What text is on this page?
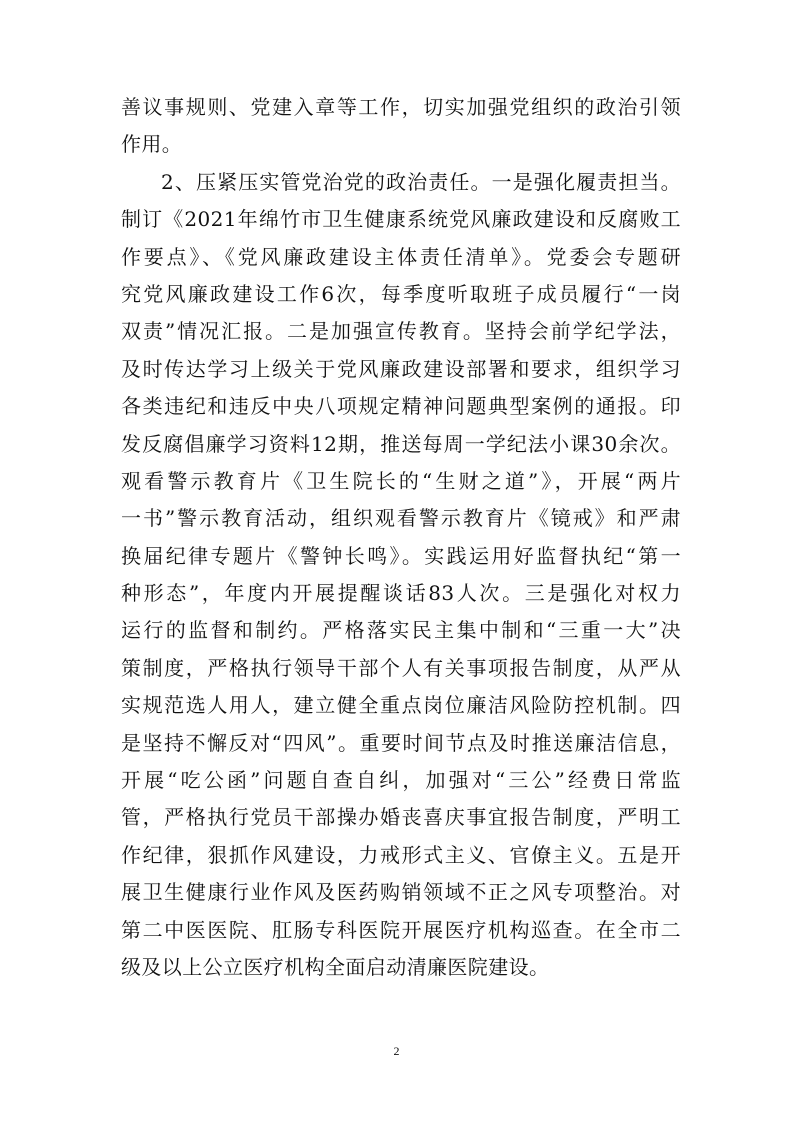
善议事规则、党建入章等工作，切实加强党组织的政治引领
作用。
2、压紧压实管党治党的政治责任。一是强化履责担当。
制订《2021年绵竹市卫生健康系统党风廉政建设和反腐败工
作要点》、《党风廉政建设主体责任清单》。党委会专题研
究党风廉政建设工作6次，每季度听取班子成员履行“一岗
双责”情况汇报。二是加强宣传教育。坚持会前学纪学法，
及时传达学习上级关于党风廉政建设部署和要求，组织学习
各类违纪和违反中央八项规定精神问题典型案例的通报。印
发反腐倡廉学习资料12期，推送每周一学纪法小课30余次。
观看警示教育片《卫生院长的“生财之道”》，开展“两片
一书”警示教育活动，组织观看警示教育片《镜戒》和严肃
换届纪律专题片《警钟长鸣》。实践运用好监督执纪“第一
种形态”，年度内开展提醒谈话83人次。三是强化对权力
运行的监督和制约。严格落实民主集中制和“三重一大”决
策制度，严格执行领导干部个人有关事项报告制度，从严从
实规范选人用人，建立健全重点岗位廉洁风险防控机制。四
是坚持不懈反对“四风”。重要时间节点及时推送廉洁信息，
开展“吃公函”问题自查自纠，加强对“三公”经费日常监
管，严格执行党员干部操办婚丧喜庆事宜报告制度，严明工
作纪律，狠抓作风建设，力戒形式主义、官僚主义。五是开
展卫生健康行业作风及医药购销领域不正之风专项整治。对
第二中医医院、肛肠专科医院开展医疗机构巡查。在全市二
级及以上公立医疗机构全面启动清廉医院建设。
2
